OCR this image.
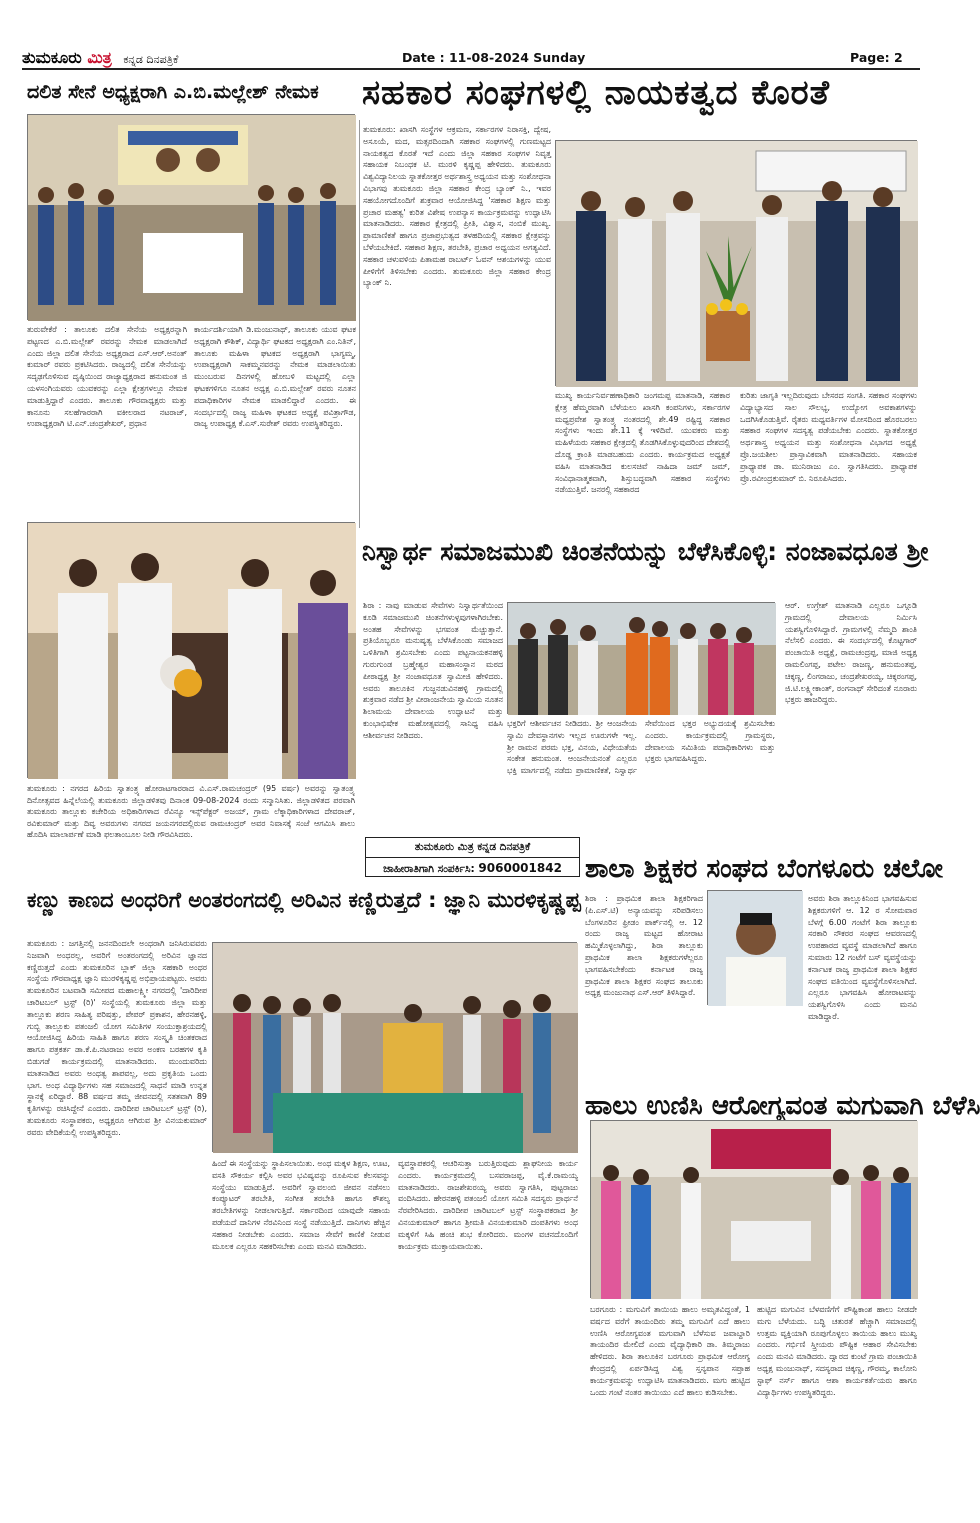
ತುಮಕೂರು ಮಿತ್ರ ಕನ್ನಡ ದಿನಪತ್ರಿಕೆ	Date : 11-08-2024 Sunday	Page: 2
ದಲಿತ ಸೇನೆ ಅಧ್ಯಕ್ಷರಾಗಿ ಎ.ಬಿ.ಮಲ್ಲೇಶ್ ನೇಮಕ
ತುರುವೇಕೆರೆ : ತಾಲೂಕು ದಲಿತ ಸೇನೆಯ ಅಧ್ಯಕ್ಷರನ್ನಾಗಿ ಪಟ್ಟಣದ ಎ.ಬಿ.ಮಲ್ಲೇಶ್ ರವರನ್ನು ನೇಮಕ ಮಾಡಲಾಗಿದೆ ಎಂದು ಜಿಲ್ಲಾ ದಲಿತ ಸೇನೆಯ ಅಧ್ಯಕ್ಷರಾದ ಎಸ್.ಆರ್.ಅನಂತ್ ಕುಮಾರ್ ರವರು ಪ್ರಕಟಿಸಿದರು. ರಾಜ್ಯದಲ್ಲಿ ದಲಿತ ಸೇನೆಯನ್ನು ಸದೃಢಗೊಳಿಸುವ ದೃಷ್ಠಿಯಿಂದ ರಾಜ್ಯಾಧ್ಯಕ್ಷರಾದ ಹನುಮಂತ ಜಿ ಯಳಸಂಗಿಯವರು ಯುವಕರನ್ನು ಎಲ್ಲಾ ಕ್ಷೇತ್ರಗಳಲ್ಲೂ ನೇಮಕ ಮಾಡುತ್ತಿದ್ದಾರೆ ಎಂದರು. ತಾಲೂಕು ಗೌರವಾಧ್ಯಕ್ಷರು ಮತ್ತು ಕಾನೂನು ಸಲಹೆಗಾರರಾಗಿ ವಕೀಲರಾದ ನಟರಾಜ್, ಉಪಾಧ್ಯಕ್ಷರಾಗಿ ಟಿ.ಎನ್.ಚಂದ್ರಶೇಖರ್, ಪ್ರಧಾನ
ಕಾರ್ಯದರ್ಶಿಯಾಗಿ ಡಿ.ಮಂಜುನಾಥ್, ತಾಲೂಕು ಯುವ ಘಟಕ ಅಧ್ಯಕ್ಷರಾಗಿ ಕೌಶಿಕ್, ವಿದ್ಯಾರ್ಥಿ ಘಟಕದ ಅಧ್ಯಕ್ಷರಾಗಿ ಎಂ.ನಿತಿನ್, ತಾಲೂಕು ಮಹಿಳಾ ಘಟಕದ ಅಧ್ಯಕ್ಷರಾಗಿ ಭಾಗ್ಯಮ್ಮ, ಉಪಾಧ್ಯಕ್ಷರಾಗಿ ಸಾಕಮ್ಮನವರನ್ನು ನೇಮಕ ಮಾಡಲಾಯಿತು ಮುಂಬರುವ ದಿನಗಳಲ್ಲಿ ಹೋಬಳಿ ಮಟ್ಟದಲ್ಲಿ ಎಲ್ಲಾ ಘಟಕಗಳಿಗೂ ನೂತನ ಅಧ್ಯಕ್ಷ ಎ.ಬಿ.ಮಲ್ಲೇಶ್ ರವರು ನೂತನ ಪದಾಧಿಕಾರಿಗಳ ನೇಮಕ ಮಾಡಲಿದ್ದಾರೆ ಎಂದರು. ಈ ಸಂದರ್ಭದಲ್ಲಿ ರಾಜ್ಯ ಮಹಿಳಾ ಘಟಕದ ಅಧ್ಯಕ್ಷೆ ಪವಿತ್ರಾಗೌಡ, ರಾಜ್ಯ ಉಪಾಧ್ಯಕ್ಷ ಕೆ.ಎಸ್.ಸುರೇಶ್ ರವರು ಉಪಸ್ಥಿತರಿದ್ದರು.
ಸಹಕಾರ ಸಂಘಗಳಲ್ಲಿ ನಾಯಕತ್ವದ ಕೊರತೆ
ತುಮಕೂರು: ಖಾಸಗಿ ಸಂಸ್ಥೆಗಳ ಆಕ್ರಮಣ, ಸರ್ಕಾರಗಳ ನಿರಾಸಕ್ತಿ, ದ್ವೇಷ, ಅಸೂಯೆ, ಮದ, ಮತ್ಸರದಿಂದಾಗಿ ಸಹಕಾರ ಸಂಘಗಳಲ್ಲಿ ಗುಣಮಟ್ಟದ ನಾಯಕತ್ವದ ಕೊರತೆ ಇದೆ ಎಂದು ಜಿಲ್ಲಾ ಸಹಕಾರ ಸಂಘಗಳ ನಿವೃತ್ತ ಸಹಾಯಕ ನಿಬಂಧಕ ಟಿ. ಮುರಳಿ ಕೃಷ್ಣಪ್ಪ ಹೇಳಿದರು. ತುಮಕೂರು ವಿಶ್ವವಿದ್ಯಾನಿಲಯ ಸ್ನಾತಕೋತ್ತರ ಅರ್ಥಶಾಸ್ತ್ರ ಅಧ್ಯಯನ ಮತ್ತು ಸಂಶೋಧನಾ ವಿಭಾಗವು ತುಮಕೂರು ಜಿಲ್ಲಾ ಸಹಕಾರ ಕೇಂದ್ರ ಬ್ಯಾಂಕ್ ನಿ., ಇವರ ಸಹಯೋಗದೊಂದಿಗೆ ಶುಕ್ರವಾರ ಆಯೋಜಿಸಿದ್ದ 'ಸಹಕಾರ ಶಿಕ್ಷಣ ಮತ್ತು ಪ್ರಚಾರ ಮಹತ್ವ' ಕುರಿತ ವಿಶೇಷ ಉಪನ್ಯಾಸ ಕಾರ್ಯಕ್ರಮವನ್ನು ಉದ್ಘಾಟಿಸಿ ಮಾತನಾಡಿದರು. ಸಹಕಾರ ಕ್ಷೇತ್ರದಲ್ಲಿ ಪ್ರೀತಿ, ವಿಶ್ವಾಸ, ನಂಬಿಕೆ ಮುಖ್ಯ. ಪ್ರಾಮಾಣಿಕತೆ ಹಾಗೂ ಪ್ರಜಾಪ್ರಭುತ್ವದ ತಳಹದಿಯಲ್ಲಿ ಸಹಕಾರ ಕ್ಷೇತ್ರವನ್ನು ಬೆಳೆಯಬೇಕಿದೆ. ಸಹಕಾರ ಶಿಕ್ಷಣ, ತರಬೇತಿ, ಪ್ರಚಾರ ಅಧ್ಯಯನ ಅಗತ್ಯವಿದೆ. ಸಹಕಾರ ಚಳುವಳಿಯ ಪಿತಾಮಹ ರಾಬರ್ಟ್ ಓವನ್ ಆಶಯಗಳನ್ನು ಯುವ ಪೀಳಿಗೆಗೆ ತಿಳಿಸಬೇಕು ಎಂದರು. ತುಮಕೂರು ಜಿಲ್ಲಾ ಸಹಕಾರ ಕೇಂದ್ರ ಬ್ಯಾಂಕ್ ನಿ.
ಮುಖ್ಯ ಕಾರ್ಯನಿರ್ವಹಣಾಧಿಕಾರಿ ಜಂಗಮಪ್ಪ ಮಾತನಾಡಿ, ಸಹಕಾರ ಕ್ಷೇತ್ರ ಹೆಮ್ಮರವಾಗಿ ಬೆಳೆಯಲು ಖಾಸಗಿ ಕಂಪನಿಗಳು, ಸರ್ಕಾರಗಳ ಮಧ್ಯಪ್ರವೇಶ ಸ್ವಾತಂತ್ರ್ಯ ನಂತರದಲ್ಲಿ ಶೇ.49 ರಷ್ಟಿದ್ದ ಸಹಕಾರ ಸಂಸ್ಥೆಗಳು ಇಂದು ಶೇ.11 ಕ್ಕೆ ಇಳಿದಿವೆ. ಯುವಕರು ಮತ್ತು ಮಹಿಳೆಯರು ಸಹಕಾರ ಕ್ಷೇತ್ರದಲ್ಲಿ ತೊಡಗಿಸಿಕೊಳ್ಳುವುದರಿಂದ ದೇಶದಲ್ಲಿ ದೊಡ್ಡ ಕ್ರಾಂತಿ ಮಾಡಬಹುದು ಎಂದರು. ಕಾರ್ಯಕ್ರಮದ ಅಧ್ಯಕ್ಷತೆ ವಹಿಸಿ ಮಾತನಾಡಿದ ಕುಲಸಚಿವೆ ನಾಹಿದಾ ಜಮ್ ಜಮ್, ಸಂವಿಧಾನಾತ್ಮಕವಾಗಿ, ಶಿಸ್ತುಬದ್ಧವಾಗಿ ಸಹಕಾರ ಸಂಸ್ಥೆಗಳು ನಡೆಯುತ್ತಿವೆ. ಜನರಲ್ಲಿ ಸಹಕಾರದ
ಕುರಿತು ಜಾಗೃತಿ ಇಲ್ಲದಿರುವುದು ಬೇಸರದ ಸಂಗತಿ. ಸಹಕಾರ ಸಂಘಗಳು ವಿದ್ಯಾಭ್ಯಾಸದ ಸಾಲ ಸೌಲಭ್ಯ, ಉದ್ಯೋಗ ಅವಕಾಶಗಳನ್ನು ಒದಗಿಸಿಕೊಡುತ್ತಿವೆ. ರೈತರು ಮಧ್ಯವರ್ತಿಗಳ ಮೋಸದಿಂದ ಹೊರಬರಲು ಸಹಕಾರ ಸಂಘಗಳ ಸದಸ್ಯತ್ವ ಪಡೆಯಬೇಕು ಎಂದರು. ಸ್ನಾತಕೋತ್ತರ ಅರ್ಥಶಾಸ್ತ್ರ ಅಧ್ಯಯನ ಮತ್ತು ಸಂಶೋಧನಾ ವಿಭಾಗದ ಅಧ್ಯಕ್ಷೆ ಪ್ರೊ.ಜಯಶೀಲ ಪ್ರಾಸ್ತಾವಿಕವಾಗಿ ಮಾತನಾಡಿದರು. ಸಹಾಯಕ ಪ್ರಾಧ್ಯಾಪಕ ಡಾ. ಮುನಿರಾಜು ಎಂ. ಸ್ವಾಗತಿಸಿದರು. ಪ್ರಾಧ್ಯಾಪಕ ಪ್ರೊ.ರವೀಂದ್ರಕುಮಾರ್ ಬಿ. ನಿರೂಪಿಸಿದರು.
ತುಮಕೂರು : ನಗರದ ಹಿರಿಯ ಸ್ವಾತಂತ್ರ್ಯ ಹೋರಾಟಗಾರರಾದ ವಿ.ಎಸ್.ರಾಮಚಂದ್ರರ್ (95 ವರ್ಷ) ಅವರನ್ನು ಸ್ವಾತಂತ್ರ್ಯ ದಿನೋತ್ಸವದ ಹಿನ್ನೆಲೆಯಲ್ಲಿ ತುಮಕೂರು ಜಿಲ್ಲಾಡಳಿತವು ದಿನಾಂಕ 09-08-2024 ರಂದು ಸನ್ಮಾನಿಸಿತು. ಜಿಲ್ಲಾಡಳಿತದ ಪರವಾಗಿ ತುಮಕೂರು ತಾಲ್ಲೂಕು ಕಚೇರಿಯ ಅಧಿಕಾರಿಗಳಾದ ರೆವಿನ್ಯೂ ಇನ್ಸ್‌ಪೆಕ್ಟರ್ ಅಜಯ್, ಗ್ರಾಮ ಲೆಕ್ಕಾಧಿಕಾರಿಗಳಾದ ದೇವರಾಜ್, ರವಿಕುಮಾರ್ ಮತ್ತು ದಿವ್ಯ ಅವರುಗಳು ನಗರದ ಜಯನಗರದಲ್ಲಿರುವ ರಾಮಚಂದ್ರರ್ ಅವರ ನಿವಾಸಕ್ಕೆ ಸಂಜೆ ಆಗಮಿಸಿ ಶಾಲು ಹೊದಿಸಿ ಮಾಲಾರ್ಪಣೆ ಮಾಡಿ ಫಲತಾಂಬೂಲ ನೀಡಿ ಗೌರವಿಸಿದರು.
ನಿಸ್ವಾರ್ಥ ಸಮಾಜಮುಖಿ ಚಿಂತನೆಯನ್ನು ಬೆಳೆಸಿಕೊಳ್ಳಿ: ನಂಜಾವಧೂತ ಶ್ರೀ
ಶಿರಾ : ನಾವು ಮಾಡುವ ಸೇವೆಗಳು ನಿಸ್ವಾರ್ಥತೆಯಿಂದ ಕೂಡಿ ಸಮಾಜಮುಖಿ ಚಿಂತನೆಗಳುಳ್ಳವುಗಳಾಗಿರಬೇಕು. ಅಂತಹ ಸೇವೆಗಳನ್ನು ಭಗವಂತ ಮೆಚ್ಚುತ್ತಾನೆ. ಪ್ರತಿಯೊಬ್ಬರೂ ಮನುಷ್ಯತ್ವ ಬೆಳೆಸಿಕೊಂಡು ಸಮಾಜದ ಒಳಿತಿಗಾಗಿ ಶ್ರಮಿಸಬೇಕು ಎಂದು ಪಟ್ಟನಾಯಕನಹಳ್ಳಿ ಗುರುಗುಂಡ ಬ್ರಹ್ಮೇಶ್ವರ ಮಹಾಸಂಸ್ಥಾನ ಮಠದ ಪೀಠಾಧ್ಯಕ್ಷ ಶ್ರೀ ನಂಜಾವಧೂತ ಸ್ವಾಮೀಜಿ ಹೇಳಿದರು. ಅವರು ತಾಲೂಕಿನ ಗುಜ್ಜನಡುವಿನಹಳ್ಳಿ ಗ್ರಾಮದಲ್ಲಿ ಶುಕ್ರವಾರ ನಡೆದ ಶ್ರೀ ವೀರಾಂಜನೇಯ ಸ್ವಾಮಿಯ ನೂತನ ಶಿಲಾಮಯ ದೇವಾಲಯ ಉದ್ಘಾಟನೆ ಮತ್ತು ಕುಂಭಾಭಿಷೇಕ ಮಹೋತ್ಸವದಲ್ಲಿ ಸಾನಿಧ್ಯ ವಹಿಸಿ ಆಶೀರ್ವಚನ ನೀಡಿದರು.
ಭಕ್ತರಿಗೆ ಆಶೀರ್ವಚನ ನೀಡಿದರು. ಶ್ರೀ ಆಂಜನೇಯ ಸ್ವಾಮಿ ದೇವಸ್ಥಾನಗಳು ಇಲ್ಲದ ಊರುಗಳೇ ಇಲ್ಲ. ಶ್ರೀ ರಾಮನ ಪರಮ ಭಕ್ತ, ವಿನಯ, ವಿಧೇಯತೆಯ ಸಂಕೇತ ಹನುಮಂತ. ಆಂಜನೇಯನಂತೆ ಎಲ್ಲರೂ ಭಕ್ತಿ ಮಾರ್ಗದಲ್ಲಿ ನಡೆದು ಪ್ರಾಮಾಣಿಕತೆ, ನಿಸ್ವಾರ್ಥ ಸೇವೆಯಿಂದ ಭಕ್ತರ ಅಭ್ಯುದಯಕ್ಕೆ ಶ್ರಮಿಸಬೇಕು ಎಂದರು. ಕಾರ್ಯಕ್ರಮದಲ್ಲಿ ಗ್ರಾಮಸ್ಥರು, ದೇವಾಲಯ ಸಮಿತಿಯ ಪದಾಧಿಕಾರಿಗಳು ಮತ್ತು ಭಕ್ತರು ಭಾಗವಹಿಸಿದ್ದರು.
ಆರ್. ಉಗ್ರೇಶ್ ಮಾತನಾಡಿ ಎಲ್ಲರೂ ಒಗ್ಗೂಡಿ ಗ್ರಾಮದಲ್ಲಿ ದೇವಾಲಯ ನಿರ್ಮಿಸಿ ಯಶಸ್ವಿಗೊಳಿಸಿದ್ದಾರೆ. ಗ್ರಾಮಗಳಲ್ಲಿ ನೆಮ್ಮದಿ ಶಾಂತಿ ನೆಲೆಸಲಿ ಎಂದರು. ಈ ಸಂದರ್ಭದಲ್ಲಿ ಕೊಟ್ಟಗಾರ್ ಪಂಚಾಯಿತಿ ಅಧ್ಯಕ್ಷೆ, ರಾಮಚಂದ್ರಪ್ಪ, ಮಾಜಿ ಅಧ್ಯಕ್ಷ ರಾಮಲಿಂಗಪ್ಪ, ಪಟೇಲ ರಾಜಣ್ಣ, ಹನುಮಂತಪ್ಪ, ಚಿಕ್ಕಣ್ಣ, ಲಿಂಗರಾಜು, ಚಂದ್ರಶೇಖರಯ್ಯ, ಚಿಕ್ಕರಂಗಪ್ಪ, ಜಿ.ಟಿ.ಲಕ್ಷ್ಮೀಕಾಂತ್, ರಂಗನಾಥ್ ಸೇರಿದಂತೆ ನೂರಾರು ಭಕ್ತರು ಹಾಜರಿದ್ದರು.
ತುಮಕೂರು ಮಿತ್ರ ಕನ್ನಡ ದಿನಪತ್ರಿಕೆ
ಜಾಹೀರಾತಿಗಾಗಿ ಸಂಪರ್ಕಿಸಿ: 9060001842 ಶಾಲಾ ಶಿಕ್ಷಕರ ಸಂಘದ ಬೆಂಗಳೂರು ಚಲೋ
ಶಿರಾ : ಪ್ರಾಥಮಿಕ ಶಾಲಾ ಶಿಕ್ಷಕರಿಗಾದ (ಪಿ.ಎಸ್.ಟಿ) ಅನ್ಯಾಯವನ್ನು ಸರಿಪಡಿಸಲು ಬೆಂಗಳೂರಿನ ಫ್ರೀಡಂ ಪಾರ್ಕ್‌ನಲ್ಲಿ ಆ. 12 ರಂದು ರಾಜ್ಯ ಮಟ್ಟದ ಹೋರಾಟ ಹಮ್ಮಿಕೊಳ್ಳಲಾಗಿದ್ದು, ಶಿರಾ ತಾಲ್ಲೂಕು ಪ್ರಾಥಮಿಕ ಶಾಲಾ ಶಿಕ್ಷಕರುಗಳೆಲ್ಲರೂ ಭಾಗವಹಿಸಬೇಕೆಂದು ಕರ್ನಾಟಕ ರಾಜ್ಯ ಪ್ರಾಥಮಿಕ ಶಾಲಾ ಶಿಕ್ಷಕರ ಸಂಘದ ತಾಲೂಕು ಅಧ್ಯಕ್ಷ ಮಂಜುನಾಥ ಎಸ್.ಆರ್ ತಿಳಿಸಿದ್ದಾರೆ.
ಅವರು ಶಿರಾ ತಾಲ್ಲೂಕಿನಿಂದ ಭಾಗವಹಿಸುವ ಶಿಕ್ಷಕರುಗಳಿಗೆ ಆ. 12 ರ ಸೋಮವಾರ ಬೆಳಗ್ಗೆ 6.00 ಗಂಟೆಗೆ ಶಿರಾ ತಾಲ್ಲೂಕು ಸರಕಾರಿ ನೌಕರರ ಸಂಘದ ಆವರಣದಲ್ಲಿ ಉಪಹಾರದ ವ್ಯವಸ್ಥೆ ಮಾಡಲಾಗಿದೆ ಹಾಗೂ ಸುಮಾರು 12 ಗಂಟೆಗೆ ಬಸ್ ವ್ಯವಸ್ಥೆಯನ್ನು ಕರ್ನಾಟಕ ರಾಜ್ಯ ಪ್ರಾಥಮಿಕ ಶಾಲಾ ಶಿಕ್ಷಕರ ಸಂಘದ ವತಿಯಿಂದ ವ್ಯವಸ್ಥೆಗೊಳಿಸಲಾಗಿದೆ. ಎಲ್ಲರೂ ಭಾಗವಹಿಸಿ ಹೋರಾಟವನ್ನು ಯಶಸ್ವಿಗೊಳಿಸಿ ಎಂದು ಮನವಿ ಮಾಡಿದ್ದಾರೆ.
ಕಣ್ಣು ಕಾಣದ ಅಂಧರಿಗೆ ಅಂತರಂಗದಲ್ಲಿ ಅರಿವಿನ ಕಣ್ಣಿರುತ್ತದೆ : ಜ್ಞಾನಿ ಮುರಳಿಕೃಷ್ಣಪ್ಪ
ತುಮಕೂರು : ಜಗತ್ತಿನಲ್ಲಿ ಜನನದಿಂದಲೇ ಅಂಧರಾಗಿ ಜನಿಸಿರುವವರು ನಿಜವಾಗಿ ಅಂಧರಲ್ಲ, ಅವರಿಗೆ ಅಂತರಂಗದಲ್ಲಿ ಅರಿವಿನ ಜ್ಞಾನದ ಕಣ್ಣಿರುತ್ತದೆ ಎಂದು ತುಮಕೂರಿನ ಬ್ಲಾಕ್ ಜಿಲ್ಲಾ ಸಹಕಾರಿ ಅಂಧರ ಸಂಸ್ಥೆಯ ಗೌರವಾಧ್ಯಕ್ಷ ಜ್ಞಾನಿ ಮುರಳಿಕೃಷ್ಣಪ್ಪ ಅಭಿಪ್ರಾಯಪಟ್ಟರು. ಅವರು ತುಮಕೂರಿನ ಬಟವಾಡಿ ಸಮೀಪದ ಮಹಾಲಕ್ಷ್ಮೀ ನಗರದಲ್ಲಿ 'ದಾರಿದೀಪ ಚಾರಿಟಬಲ್ ಟ್ರಸ್ಟ್ (ರಿ)' ಸಂಸ್ಥೆಯಲ್ಲಿ ತುಮಕೂರು ಜಿಲ್ಲಾ ಮತ್ತು ತಾಲ್ಲೂಕು ಶರಣ ಸಾಹಿತ್ಯ ಪರಿಷತ್ತು, ಪೇಪರ್ ಪ್ರಕಾಶನ, ಹೇರನಹಳ್ಳಿ, ಗುಬ್ಬಿ ತಾಲ್ಲೂಕು ಪತಂಜಲಿ ಯೋಗ ಸಮಿತಿಗಳ ಸಂಯುಕ್ತಾಶ್ರಯದಲ್ಲಿ ಆಯೋಜಿಸಿದ್ದ ಹಿರಿಯ ಸಾಹಿತಿ ಹಾಗೂ ಶರಣ ಸಂಸ್ಕೃತಿ ಚಿಂತಕರಾದ ಹಾಗೂ ಪತ್ರಕರ್ತ ಡಾ.ಕೆ.ಪಿ.ನಟರಾಜು ಅವರ ಅಂಕಣ ಬರಹಗಳ ಕೃತಿ ಬಿಡುಗಡೆ ಕಾರ್ಯಕ್ರಮದಲ್ಲಿ ಮಾತನಾಡಿದರು. ಮುಂದುವರಿದು ಮಾತನಾಡಿದ ಅವರು ಅಂಧತ್ವ ಶಾಪವಲ್ಲ, ಅದು ಪ್ರಕೃತಿಯ ಒಂದು ಭಾಗ. ಅಂಧ ವಿದ್ಯಾರ್ಥಿಗಳು ಸಹ ಸಮಾಜದಲ್ಲಿ ಸಾಧನೆ ಮಾಡಿ ಉನ್ನತ ಸ್ಥಾನಕ್ಕೆ ಏರಿದ್ದಾರೆ. 88 ವರ್ಷದ ತಮ್ಮ ಜೀವನದಲ್ಲಿ ಸತತವಾಗಿ 89 ಕೃತಿಗಳನ್ನು ರಚಿಸಿದ್ದೇನೆ ಎಂದರು. ದಾರಿದೀಪ ಚಾರಿಟಬಲ್ ಟ್ರಸ್ಟ್ (ರಿ), ತುಮಕೂರು ಸಂಸ್ಥಾಪಕರು, ಅಧ್ಯಕ್ಷರೂ ಆಗಿರುವ ಶ್ರೀ ವಿನಯಕುಮಾರ್ ರವರು ವೇದಿಕೆಯಲ್ಲಿ ಉಪಸ್ಥಿತರಿದ್ದರು.
ಹಿಂದೆ ಈ ಸಂಸ್ಥೆಯನ್ನು ಸ್ಥಾಪಿಸಲಾಯಿತು. ಅಂಧ ಮಕ್ಕಳ ಶಿಕ್ಷಣ, ಊಟ, ವಸತಿ ಸೌಕರ್ಯ ಕಲ್ಪಿಸಿ ಅವರ ಭವಿಷ್ಯವನ್ನು ರೂಪಿಸುವ ಕೆಲಸವನ್ನು ಸಂಸ್ಥೆಯು ಮಾಡುತ್ತಿದೆ. ಅವರಿಗೆ ಸ್ವಾವಲಂಬಿ ಜೀವನ ನಡೆಸಲು ಕಂಪ್ಯೂಟರ್ ತರಬೇತಿ, ಸಂಗೀತ ತರಬೇತಿ ಹಾಗೂ ಕೌಶಲ್ಯ ತರಬೇತಿಗಳನ್ನು ನೀಡಲಾಗುತ್ತಿದೆ. ಸರ್ಕಾರದಿಂದ ಯಾವುದೇ ಸಹಾಯ ಪಡೆಯದೆ ದಾನಿಗಳ ನೆರವಿನಿಂದ ಸಂಸ್ಥೆ ನಡೆಯುತ್ತಿದೆ. ದಾನಿಗಳು ಹೆಚ್ಚಿನ ಸಹಕಾರ ನೀಡಬೇಕು ಎಂದರು. ಸಮಾಜ ಸೇವೆಗೆ ಕಾಣಿಕೆ ನೀಡುವ ಮೂಲಕ ಎಲ್ಲರೂ ಸಹಕರಿಸಬೇಕು ಎಂದು ಮನವಿ ಮಾಡಿದರು.
ವ್ಯವಸ್ಥಾಪಕರಲ್ಲಿ ಆಚರಿಸುತ್ತಾ ಬರುತ್ತಿರುವುದು ಶ್ಲಾಘನೀಯ ಕಾರ್ಯ ಎಂದರು. ಕಾರ್ಯಕ್ರಮದಲ್ಲಿ ಬಸವರಾಜಪ್ಪ, ವೈ.ಕೆ.ರಾಮಯ್ಯ ಮಾತನಾಡಿದರು. ರಾಜಶೇಖರಯ್ಯ ಅವರು ಸ್ವಾಗತಿಸಿ, ಪುಟ್ಟರಾಜು ವಂದಿಸಿದರು. ಹೇರನಹಳ್ಳಿ ಪತಂಜಲಿ ಯೋಗ ಸಮಿತಿ ಸದಸ್ಯರು ಪ್ರಾರ್ಥನೆ ನೆರವೇರಿಸಿದರು. ದಾರಿದೀಪ ಚಾರಿಟಬಲ್ ಟ್ರಸ್ಟ್ ಸಂಸ್ಥಾಪಕರಾದ ಶ್ರೀ ವಿನಯಕುಮಾರ್ ಹಾಗೂ ಶ್ರೀಮತಿ ವಿನಯಕುಮಾರಿ ದಂಪತಿಗಳು ಅಂಧ ಮಕ್ಕಳಿಗೆ ಸಿಹಿ ಹಂಚಿ ಶುಭ ಕೋರಿದರು. ಮಂಗಳ ವಚನದೊಂದಿಗೆ ಕಾರ್ಯಕ್ರಮ ಮುಕ್ತಾಯವಾಯಿತು.
ಹಾಲು ಉಣಿಸಿ ಆರೋಗ್ಯವಂತ ಮಗುವಾಗಿ ಬೆಳೆಸಿ
ಬರಗೂರು : ಮಗುವಿಗೆ ತಾಯಿಯ ಹಾಲು ಅಮೃತವಿದ್ದಂತೆ, 1 ವರ್ಷದ ವರೆಗೆ ತಾಯಂದಿರು ತಮ್ಮ ಮಗುವಿಗೆ ಎದೆ ಹಾಲು ಉಣಿಸಿ ಆರೋಗ್ಯವಂತ ಮಗುವಾಗಿ ಬೆಳೆಸುವ ಜವಾಬ್ದಾರಿ ತಾಯಂದಿರ ಮೇಲಿದೆ ಎಂದು ವೈದ್ಯಾಧಿಕಾರಿ ಡಾ. ತಿಮ್ಮರಾಜು ಹೇಳಿದರು. ಶಿರಾ ತಾಲೂಕಿನ ಬರಗೂರು ಪ್ರಾಥಮಿಕ ಆರೋಗ್ಯ ಕೇಂದ್ರದಲ್ಲಿ ಏರ್ಪಡಿಸಿದ್ದ ವಿಶ್ವ ಸ್ತನ್ಯಪಾನ ಸಪ್ತಾಹ ಕಾರ್ಯಕ್ರಮವನ್ನು ಉದ್ಘಾಟಿಸಿ ಮಾತನಾಡಿದರು. ಮಗು ಹುಟ್ಟಿದ ಒಂದು ಗಂಟೆ ನಂತರ ತಾಯಿಯು ಎದೆ ಹಾಲು ಕುಡಿಸಬೇಕು.
ಹುಟ್ಟಿದ ಮಗುವಿನ ಬೆಳವಣಿಗೆಗೆ ಪೌಷ್ಟಿಕಾಂಶ ಹಾಲು ನೀಡದೇ ಮಗು ಬೆಳೆಯದು. ಬದ್ಧಿ ಚತುರತೆ ಹೆಚ್ಚಾಗಿ ಸಮಾಜದಲ್ಲಿ ಉತ್ತಮ ವ್ಯಕ್ತಿಯಾಗಿ ರೂಪುಗೊಳ್ಳಲು ತಾಯಿಯ ಹಾಲು ಮುಖ್ಯ ಎಂದರು. ಗರ್ಭಿಣಿ ಸ್ತ್ರೀಯರು ಪೌಷ್ಟಿಕ ಆಹಾರ ಸೇವಿಸಬೇಕು ಎಂದು ಮನವಿ ಮಾಡಿದರು. ದ್ವಾರದ ಕುಂಟೆ ಗ್ರಾಮ ಪಂಚಾಯಿತಿ ಅಧ್ಯಕ್ಷ ಮಂಜುನಾಥ್, ಸದಸ್ಯರಾದ ಚಿಕ್ಕಣ್ಣ, ಗೌರಮ್ಮ, ಕಾಲೋನಿ ಸ್ಟಾಫ್ ನರ್ಸ್ ಹಾಗೂ ಆಶಾ ಕಾರ್ಯಕರ್ತೆಯರು ಹಾಗೂ ವಿದ್ಯಾರ್ಥಿಗಳು ಉಪಸ್ಥಿತರಿದ್ದರು.
